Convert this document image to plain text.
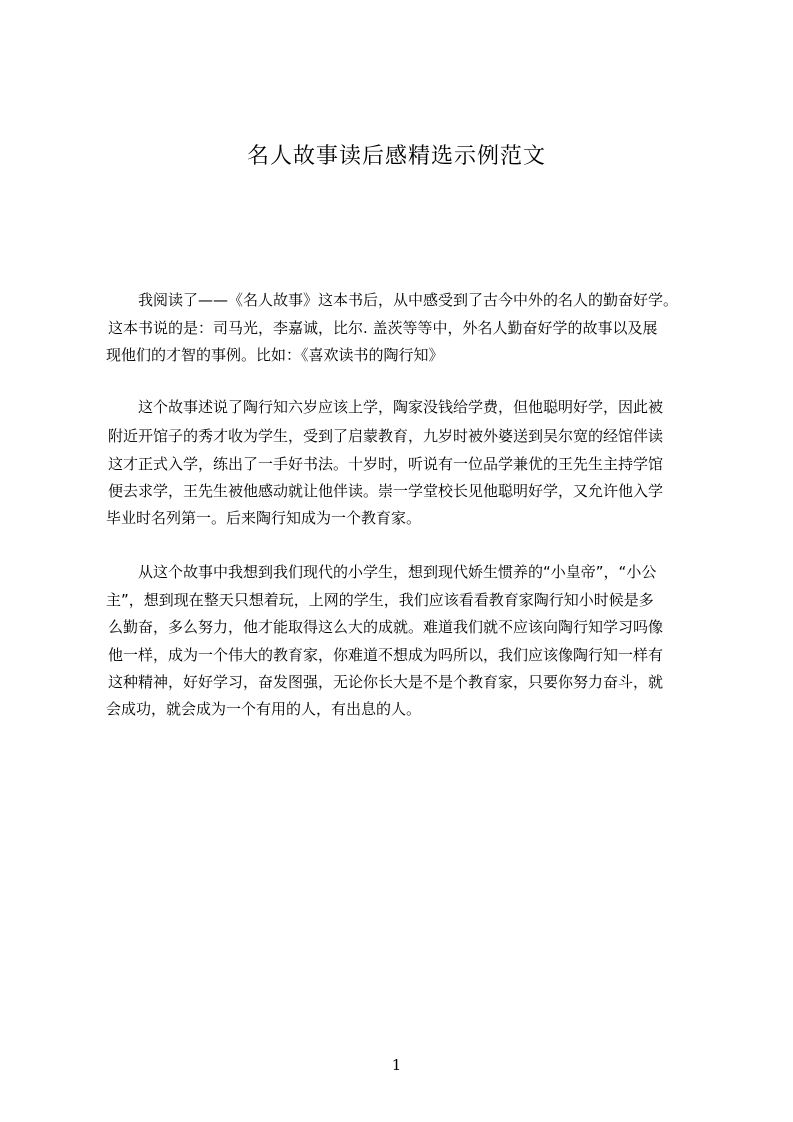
名人故事读后感精选示例范文

我阅读了——《名人故事》这本书后，从中感受到了古今中外的名人的勤奋好学。

这本书说的是：司马光，李嘉诚，比尔. 盖茨等等中，外名人勤奋好学的故事以及展

现他们的才智的事例。比如：《喜欢读书的陶行知》

这个故事述说了陶行知六岁应该上学，陶家没钱给学费，但他聪明好学，因此被

附近开馆子的秀才收为学生，受到了启蒙教育，九岁时被外婆送到吴尔宽的经馆伴读

这才正式入学，练出了一手好书法。十岁时，听说有一位品学兼优的王先生主持学馆

便去求学，王先生被他感动就让他伴读。崇一学堂校长见他聪明好学，又允许他入学

毕业时名列第一。后来陶行知成为一个教育家。

从这个故事中我想到我们现代的小学生，想到现代娇生惯养的“小皇帝”，“小公

主”，想到现在整天只想着玩，上网的学生，我们应该看看教育家陶行知小时候是多

么勤奋，多么努力，他才能取得这么大的成就。难道我们就不应该向陶行知学习吗像

他一样，成为一个伟大的教育家，你难道不想成为吗所以，我们应该像陶行知一样有

这种精神，好好学习，奋发图强，无论你长大是不是个教育家，只要你努力奋斗，就

会成功，就会成为一个有用的人，有出息的人。

1
